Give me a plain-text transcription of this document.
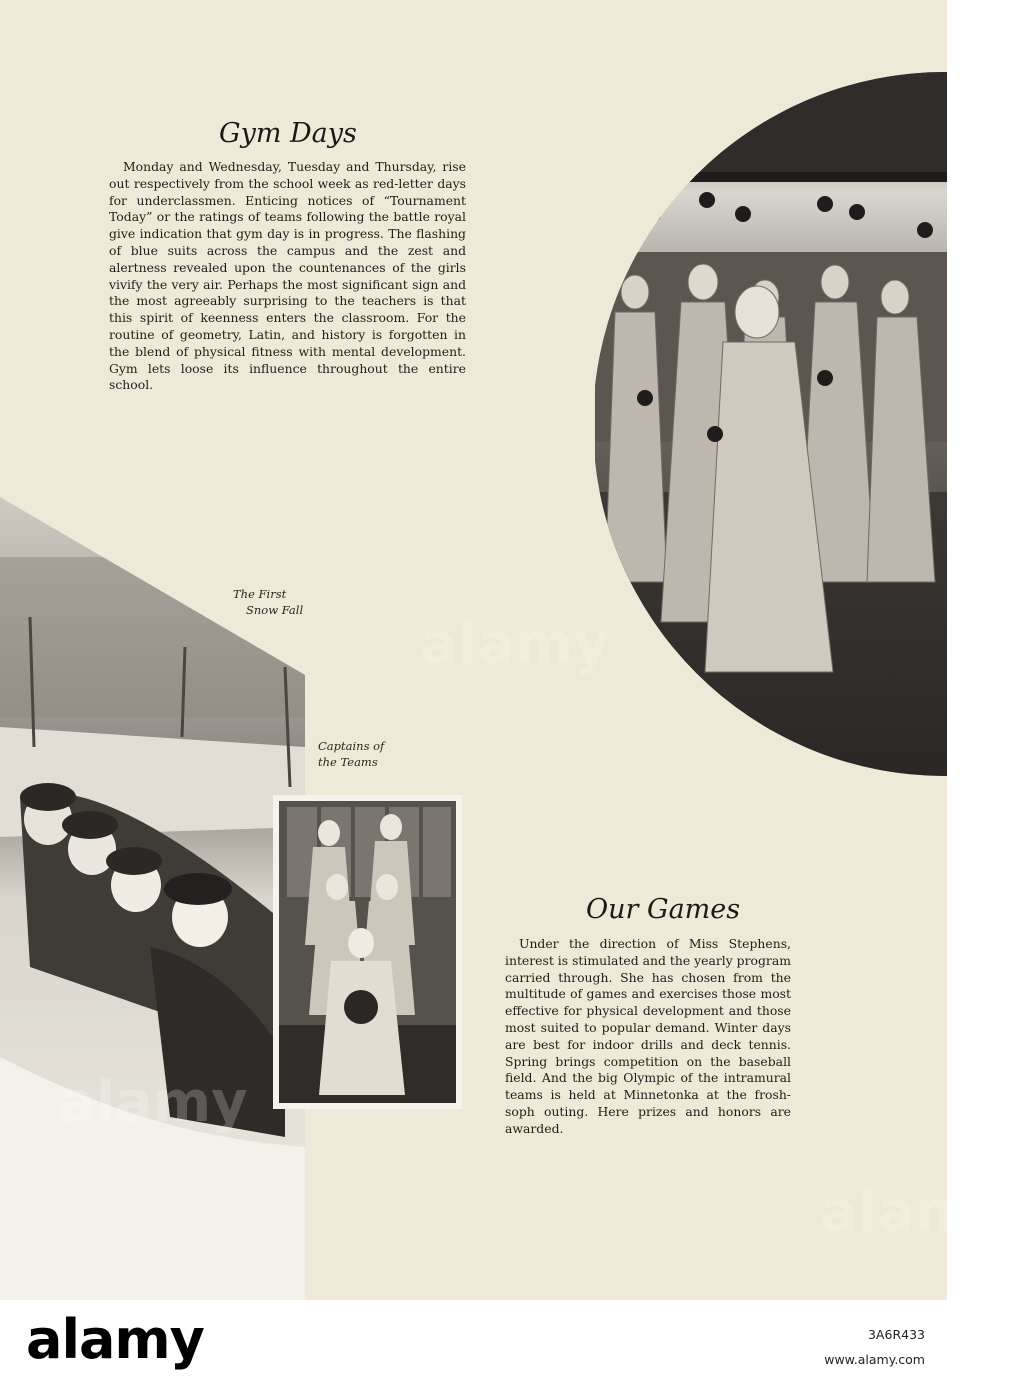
Gym Days

Monday and Wednesday, Tuesday and Thursday, rise out respectively from the school week as red-letter days for underclassmen. Enticing notices of “Tournament Today” or the ratings of teams following the battle royal give indication that gym day is in progress. The flashing of blue suits across the campus and the zest and alertness revealed upon the countenances of the girls vivify the very air. Perhaps the most significant sign and the most agreeably surprising to the teachers is that this spirit of keenness enters the classroom. For the routine of geometry, Latin, and history is forgotten in the blend of physical fitness with mental development. Gym lets loose its influence throughout the entire school.

The First
Snow Fall

Captains of
the Teams

Our Games

Under the direction of Miss Stephens, interest is stimulated and the yearly program carried through. She has chosen from the multitude of games and exercises those most effective for physical development and those most suited to popular demand. Winter days are best for indoor drills and deck tennis. Spring brings competition on the baseball field. And the big Olympic of the intramural teams is held at Minnetonka at the frosh-soph outing. Here prizes and honors are awarded.

alamy

alamy

alamy

alamy	3A6R433
www.alamy.com
